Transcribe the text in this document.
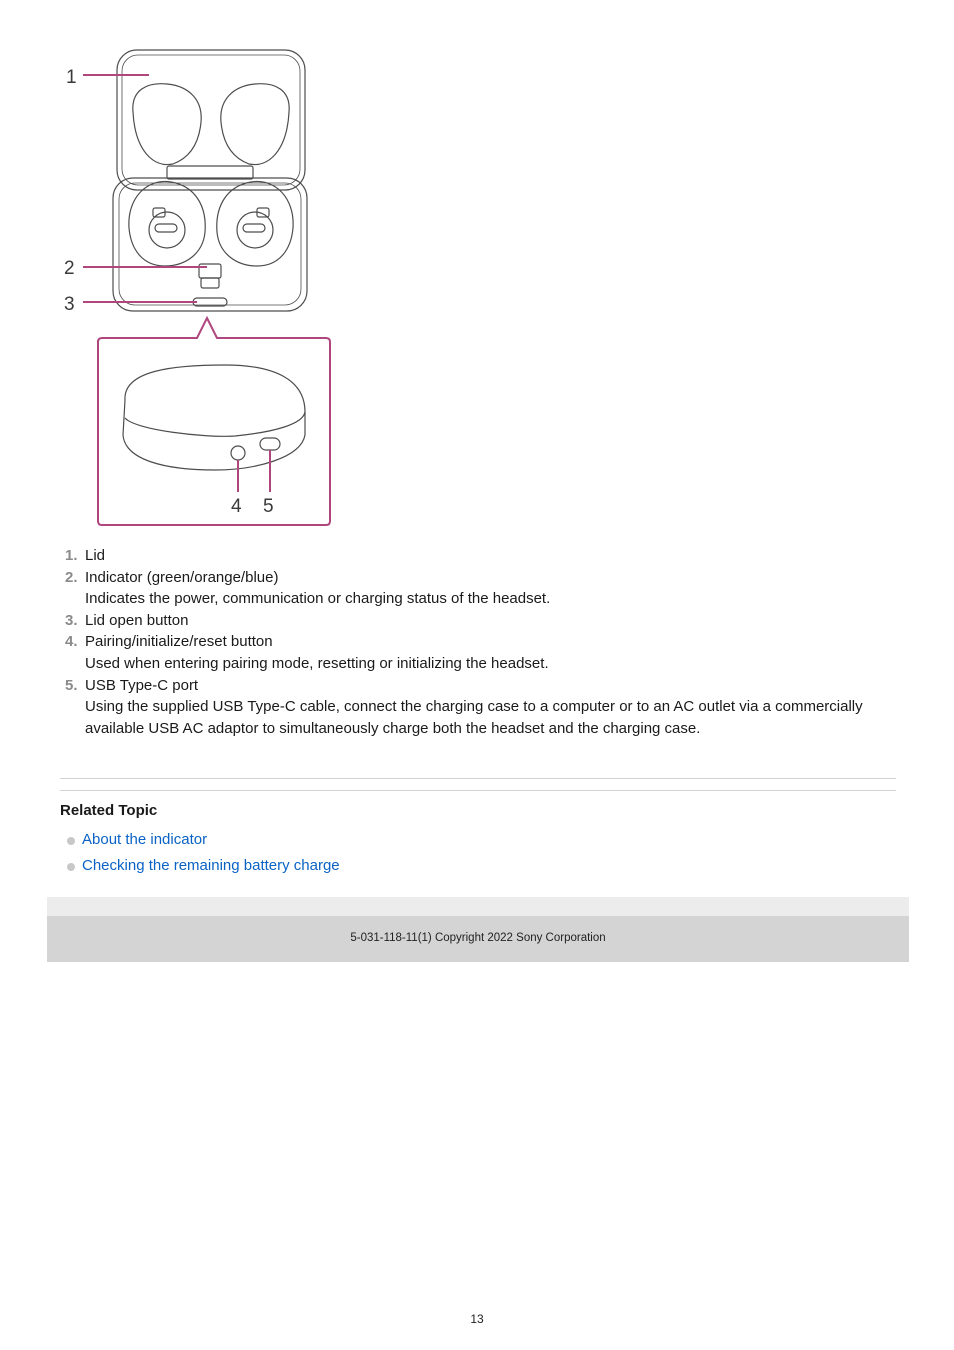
1
2
3
4 5
1. Lid
2. Indicator (green/orange/blue)
Indicates the power, communication or charging status of the headset.
3. Lid open button
4. Pairing/initialize/reset button
Used when entering pairing mode, resetting or initializing the headset.
5. USB Type-C port
Using the supplied USB Type-C cable, connect the charging case to a computer or to an AC outlet via a commercially available USB AC adaptor to simultaneously charge both the headset and the charging case.
Related Topic
About the indicator
Checking the remaining battery charge
5-031-118-11(1) Copyright 2022 Sony Corporation
13
